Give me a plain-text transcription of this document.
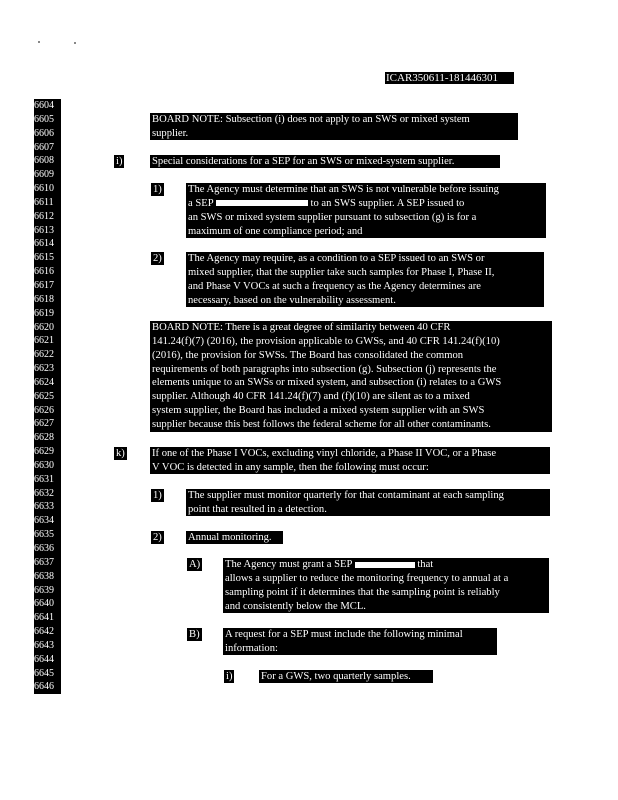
ICAR350611-181446301
6604
6605
6606
6607
6608
6609
6610
6611
6612
6613
6614
6615
6616
6617
6618
6619
6620
6621
6622
6623
6624
6625
6626
6627
6628
6629
6630
6631
6632
6633
6634
6635
6636
6637
6638
6639
6640
6641
6642
6643
6644
6645
6646
BOARD NOTE: Subsection (i) does not apply to an SWS or mixed system
supplier.
i)	Special considerations for a SEP for an SWS or mixed-system supplier.
1) The Agency must determine that an SWS is not vulnerable before issuing
a SEP	to an SWS supplier. A SEP issued to
an SWS or mixed system supplier pursuant to subsection (g) is for a
maximum of one compliance period; and
2) The Agency may require, as a condition to a SEP issued to an SWS or
mixed supplier, that the supplier take such samples for Phase I, Phase II,
and Phase V VOCs at such a frequency as the Agency determines are
necessary, based on the vulnerability assessment.
BOARD NOTE: There is a great degree of similarity between 40 CFR
141.24(f)(7) (2016), the provision applicable to GWSs, and 40 CFR 141.24(f)(10)
(2016), the provision for SWSs. The Board has consolidated the common
requirements of both paragraphs into subsection (g). Subsection (j) represents the
elements unique to an SWSs or mixed system, and subsection (i) relates to a GWS
supplier. Although 40 CFR 141.24(f)(7) and (f)(10) are silent as to a mixed
system supplier, the Board has included a mixed system supplier with an SWS
supplier because this best follows the federal scheme for all other contaminants.
k)	If one of the Phase I VOCs, excluding vinyl chloride, a Phase II VOC, or a Phase
V VOC is detected in any sample, then the following must occur:
1) The supplier must monitor quarterly for that contaminant at each sampling
point that resulted in a detection.
2) Annual monitoring.
A) The Agency must grant a SEP	that
allows a supplier to reduce the monitoring frequency to annual at a
sampling point if it determines that the sampling point is reliably
and consistently below the MCL.
B) A request for a SEP must include the following minimal
information:
i)	For a GWS, two quarterly samples.
